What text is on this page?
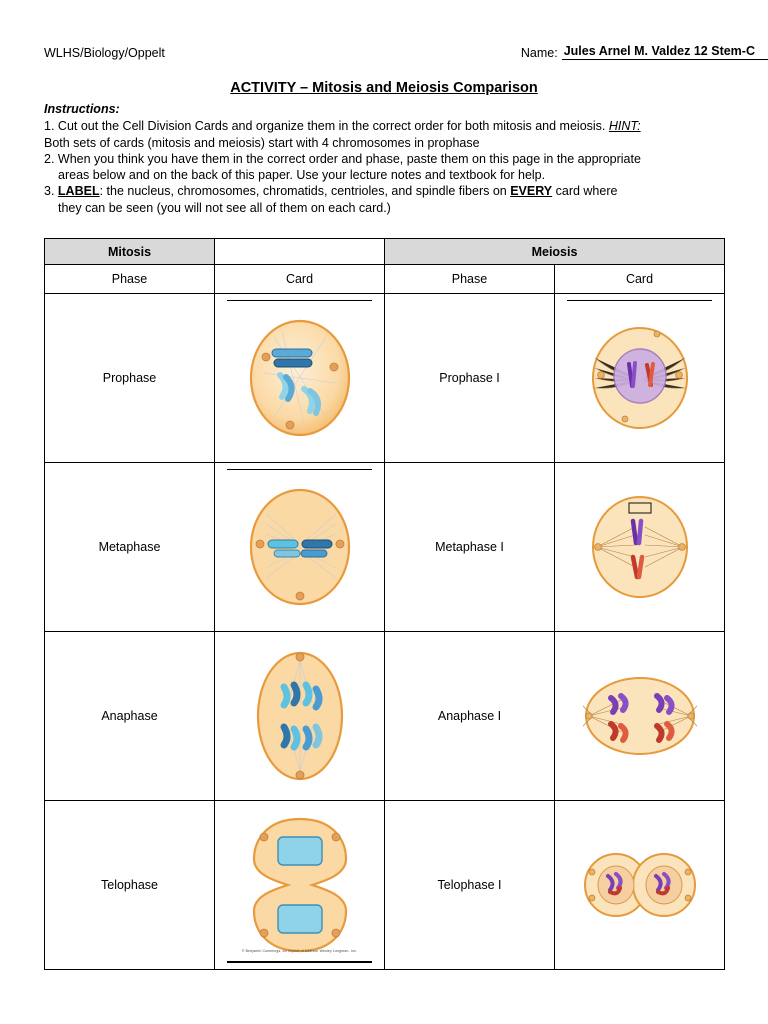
WLHS/Biology/Oppelt	Name: Jules Arnel M. Valdez 12 Stem-C
ACTIVITY – Mitosis and Meiosis Comparison
Instructions:
1. Cut out the Cell Division Cards and organize them in the correct order for both mitosis and meiosis. HINT:
Both sets of cards (mitosis and meiosis) start with 4 chromosomes in prophase
2. When you think you have them in the correct order and phase, paste them on this page in the appropriate
areas below and on the back of this paper. Use your lecture notes and textbook for help.
3. LABEL: the nucleus, chromosomes, chromatids, centrioles, and spindle fibers on EVERY card where
they can be seen (you will not see all of them on each card.)
Mitosis		Meiosis	
Phase	Card	Phase	Card
Prophase		Prophase I	

Metaphase		Metaphase I	

Anaphase		Anaphase I	

Telophase	© Benjamin Cummings, an imprint of Addison Wesley Longman, Inc.	Telophase I	
